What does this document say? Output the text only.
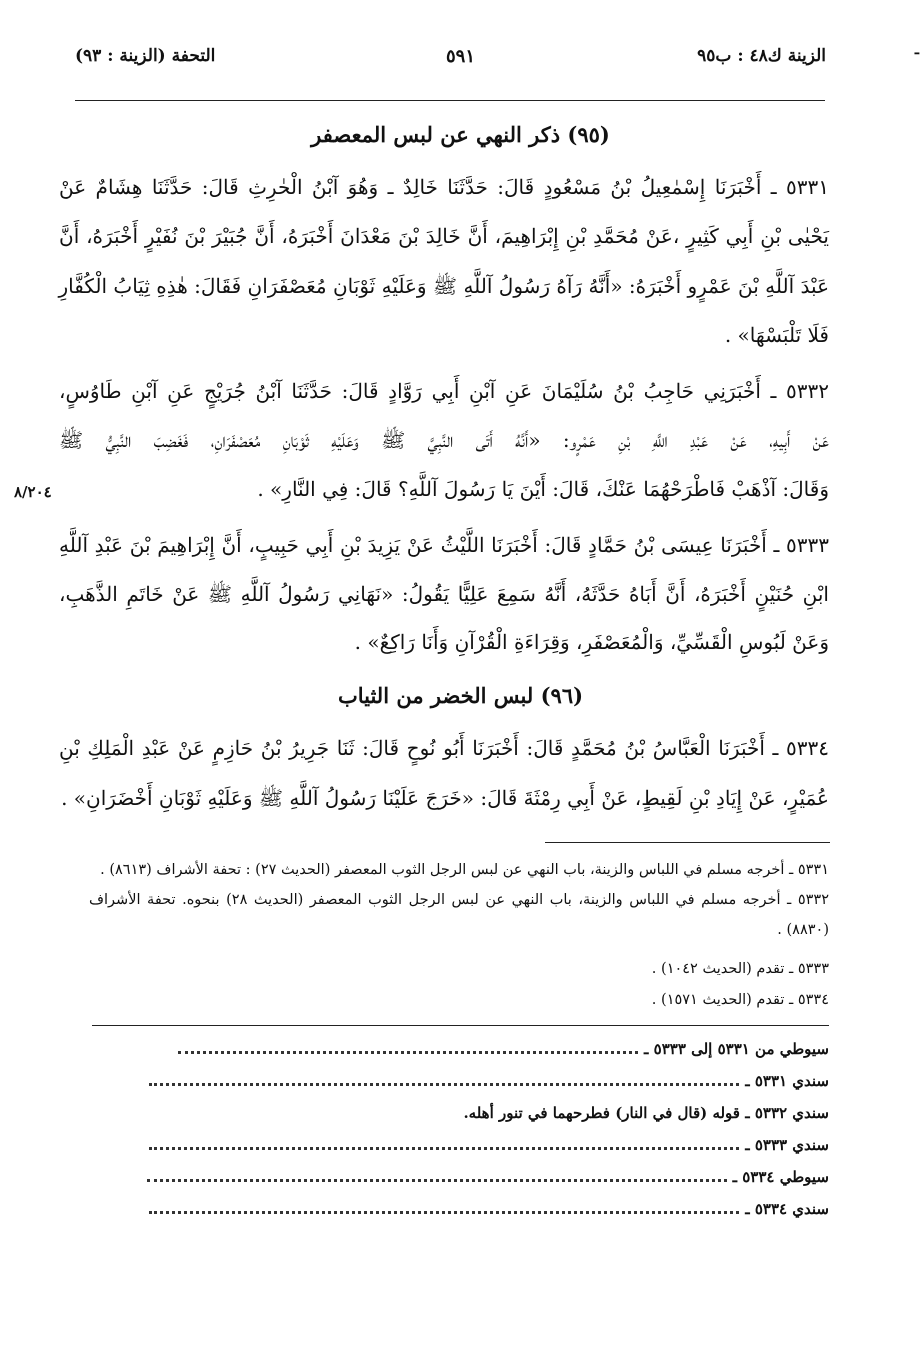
ـ
الزينة ك٤٨ : ب٩٥
٥٩١
التحفة (الزينة : ٩٣)
(٩٥) ذكر النهي عن لبس المعصفر
٥٣٣١ ـ أَخْبَرَنَا إِسْمٰعِيلُ بْنُ مَسْعُودٍ قَالَ: حَدَّثَنَا خَالِدٌ ـ وَهُوَ آبْنُ الْحٰرِثِ قَالَ: حَدَّثَنَا هِشَامٌ عَنْ
يَحْيٰى بْنِ أَبِي كَثِيرٍ ،عَنْ مُحَمَّدِ بْنِ إِبْرَاهِيمَ، أَنَّ خَالِدَ بْنَ مَعْدَانَ أَخْبَرَهُ، أَنَّ جُبَيْرَ بْنَ نُفَيْرٍ أَخْبَرَهُ، أَنَّ
عَبْدَ آللَّهِ بْنَ عَمْرٍو أَخْبَرَهُ: «أَنَّهُ رَآهُ رَسُولُ آللَّهِ ﷺ وَعَلَيْهِ ثَوْبَانِ مُعَصْفَرَانِ فَقَالَ: هٰذِهِ ثِيَابُ الْكُفَّارِ
فَلَا تَلْبَسْهَا» .
٥٣٣٢ ـ أَخْبَرَنِي حَاجِبُ بْنُ سُلَيْمَانَ عَنِ آبْنِ أَبِي رَوَّادٍ قَالَ: حَدَّثَنَا آبْنُ جُرَيْجٍ عَنِ آبْنِ طَاوُسٍ،
عَنْ أَبِيهِ، عَنْ عَبْدِ اللَّهِ بْنِ عَمْرٍو: «أَنَّهُ أَتَى النَّبِيَّ ﷺ وَعَلَيْهِ ثَوْبَانِ مُعَصْفَرَانِ، فَغَضِبَ النَّبِيُّ ﷺ
وَقَالَ: آذْهَبْ فَاطْرَحْهُمَا عَنْكَ، قَالَ: أَيْنَ يَا رَسُولَ آللَّهِ؟ قَالَ: فِي النَّارِ» .
٨/٢٠٤
٥٣٣٣ ـ أَخْبَرَنَا عِيسَى بْنُ حَمَّادٍ قَالَ: أَخْبَرَنَا اللَّيْثُ عَنْ يَزِيدَ بْنِ أَبِي حَبِيبٍ، أَنَّ إِبْرَاهِيمَ بْنَ عَبْدِ آللَّهِ
ابْنِ حُنَيْنٍ أَخْبَرَهُ، أَنَّ أَبَاهُ حَدَّثَهُ، أَنَّهُ سَمِعَ عَلِيًّا يَقُولُ: «نَهَانِي رَسُولُ آللَّهِ ﷺ عَنْ خَاتَمِ الذَّهَبِ،
وَعَنْ لَبُوسِ الْقَسِّيِّ، وَالْمُعَصْفَرِ، وَقِرَاءَةِ الْقُرْآنِ وَأَنَا رَاكِعٌ» .
(٩٦) لبس الخضر من الثياب
٥٣٣٤ ـ أَخْبَرَنَا الْعَبَّاسُ بْنُ مُحَمَّدٍ قَالَ: أَخْبَرَنَا أَبُو نُوحٍ قَالَ: ثَنَا جَرِيرُ بْنُ حَازِمٍ عَنْ عَبْدِ الْمَلِكِ بْنِ
عُمَيْرٍ، عَنْ إِيَادِ بْنِ لَقِيطٍ، عَنْ أَبِي رِمْثَةَ قَالَ: «خَرَجَ عَلَيْنَا رَسُولُ آللَّهِ ﷺ وَعَلَيْهِ ثَوْبَانِ أَخْضَرَانِ» .
٥٣٣١ ـ أخرجه مسلم في اللباس والزينة، باب النهي عن لبس الرجل الثوب المعصفر (الحديث ٢٧) : تحفة الأشراف (٨٦١٣) .
٥٣٣٢ ـ أخرجه مسلم في اللباس والزينة، باب النهي عن لبس الرجل الثوب المعصفر (الحديث ٢٨) بنحوه. تحفة الأشراف
(٨٨٣٠) .
٥٣٣٣ ـ تقدم (الحديث ١٠٤٢) .
٥٣٣٤ ـ تقدم (الحديث ١٥٧١) .
سيوطي من ٥٣٣١ إلى ٥٣٣٣ ـ
سندي ٥٣٣١ ـ
سندي ٥٣٣٢ ـ قوله (قال في النار) فطرحهما في تنور أهله.
سندي ٥٣٣٣ ـ
سيوطي ٥٣٣٤ ـ
سندي ٥٣٣٤ ـ
